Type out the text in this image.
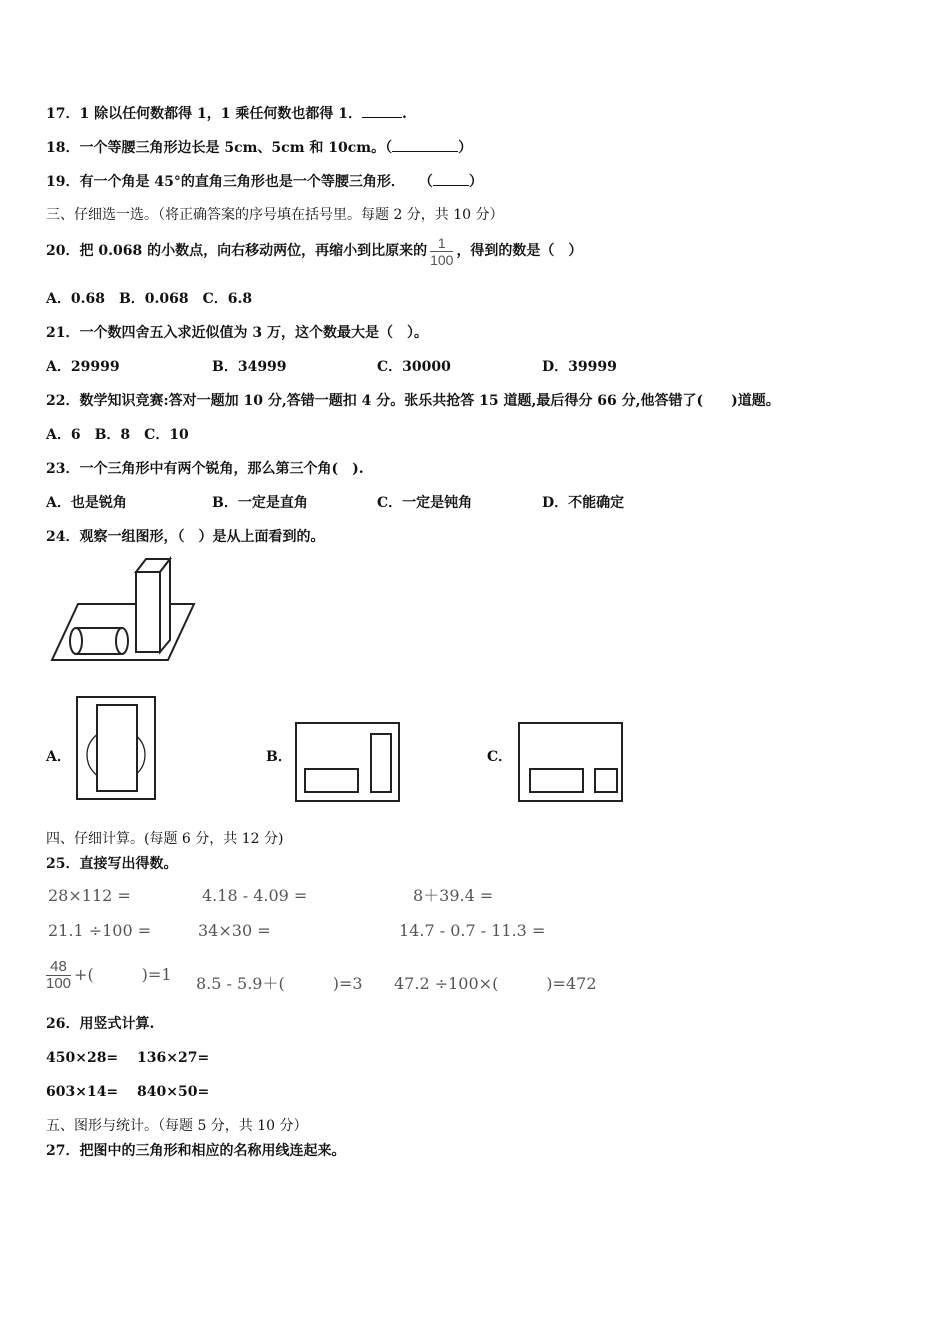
17．1 除以任何数都得 1，1 乘任何数也都得 1．	.
18．一个等腰三角形边长是 5cm、5cm 和 10cm。（	）
19．有一个角是 45°的直角三角形也是一个等腰三角形．　　（	）
三、仔细选一选。（将正确答案的序号填在括号里。每题 2 分，共 10 分）
20．把 0.068 的小数点，向右移动两位，再缩小到比原来的 $\frac{1}{100}$ ，得到的数是（　）
A．0.68　B．0.068　C．6.8
21．一个数四舍五入求近似值为 3 万，这个数最大是（　）。
A．29999	B．34999	C．30000	D．39999
22．数学知识竞赛:答对一题加 10 分,答错一题扣 4 分。张乐共抢答 15 道题,最后得分 66 分,他答错了(　　)道题。
A．6　B．8　C．10
23．一个三角形中有两个锐角，那么第三个角(　).
A．也是锐角	B．一定是直角	C．一定是钝角	D．不能确定
24．观察一组图形，（　）是从上面看到的。
A．	B．	C．
四、仔细计算。(每题 6 分，共 12 分)
25．直接写出得数。
28×112 =	4.18 - 4.09 =	8＋39.4 =
21.1 ÷100 =	34×30 =	14.7 - 0.7 - 11.3 =
$\frac{48}{100}$ +(　　　)=1 8.5 - 5.9＋(　　　)=3 47.2 ÷100×(　　　)=472
26．用竖式计算.
450×28=　 136×27=
603×14=　 840×50=
五、图形与统计。（每题 5 分，共 10 分）
27．把图中的三角形和相应的名称用线连起来。
